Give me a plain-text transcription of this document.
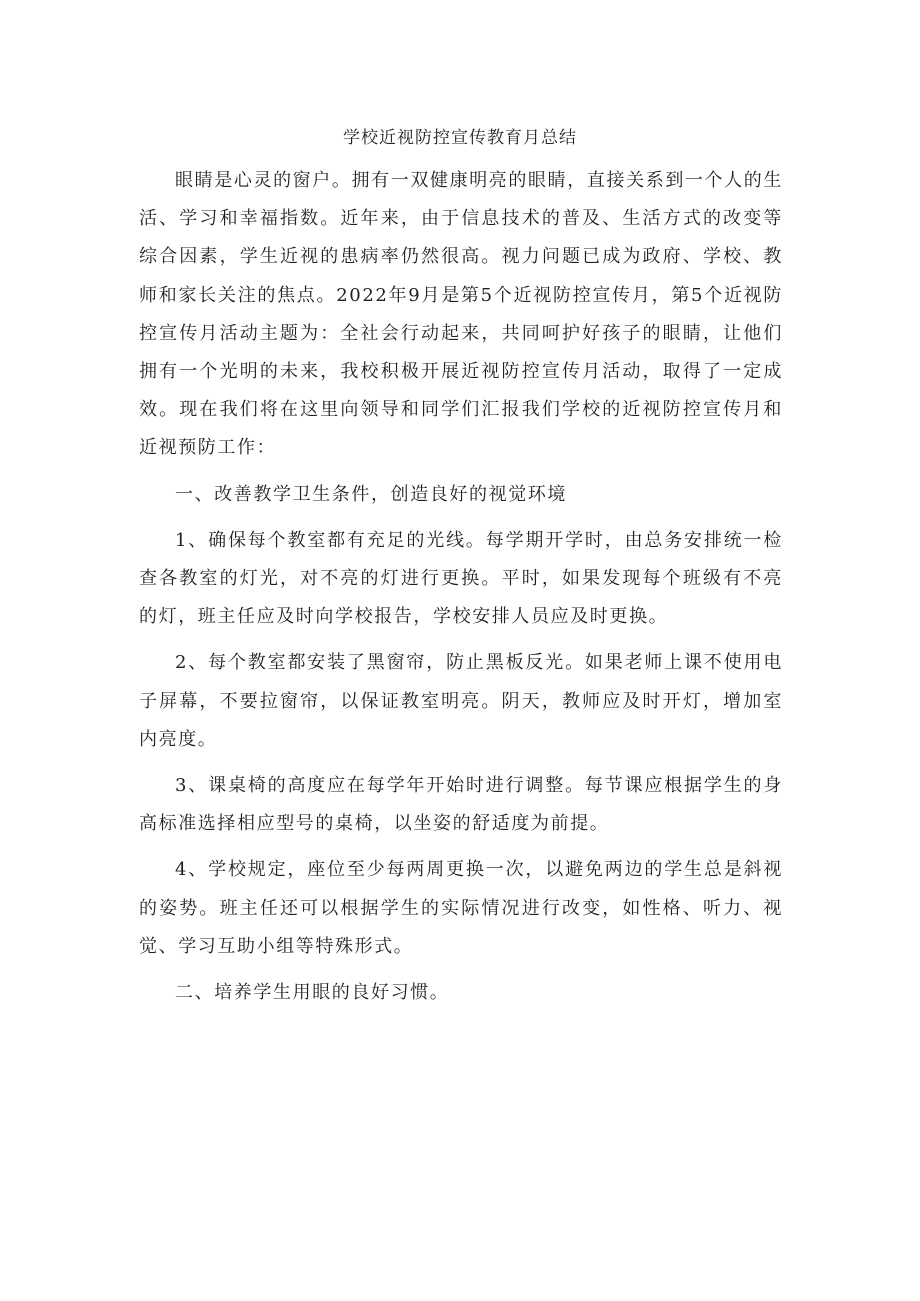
学校近视防控宣传教育月总结

眼睛是心灵的窗户。拥有一双健康明亮的眼睛，直接关系到一个人的生活、学习和幸福指数。近年来，由于信息技术的普及、生活方式的改变等综合因素，学生近视的患病率仍然很高。视力问题已成为政府、学校、教师和家长关注的焦点。2022年9月是第5个近视防控宣传月，第5个近视防控宣传月活动主题为：全社会行动起来，共同呵护好孩子的眼睛，让他们拥有一个光明的未来，我校积极开展近视防控宣传月活动，取得了一定成效。现在我们将在这里向领导和同学们汇报我们学校的近视防控宣传月和近视预防工作：

一、改善教学卫生条件，创造良好的视觉环境

1、确保每个教室都有充足的光线。每学期开学时，由总务安排统一检查各教室的灯光，对不亮的灯进行更换。平时，如果发现每个班级有不亮的灯，班主任应及时向学校报告，学校安排人员应及时更换。

2、每个教室都安装了黑窗帘，防止黑板反光。如果老师上课不使用电子屏幕，不要拉窗帘，以保证教室明亮。阴天，教师应及时开灯，增加室内亮度。

3、课桌椅的高度应在每学年开始时进行调整。每节课应根据学生的身高标准选择相应型号的桌椅，以坐姿的舒适度为前提。

4、学校规定，座位至少每两周更换一次，以避免两边的学生总是斜视的姿势。班主任还可以根据学生的实际情况进行改变，如性格、听力、视觉、学习互助小组等特殊形式。

二、培养学生用眼的良好习惯。
